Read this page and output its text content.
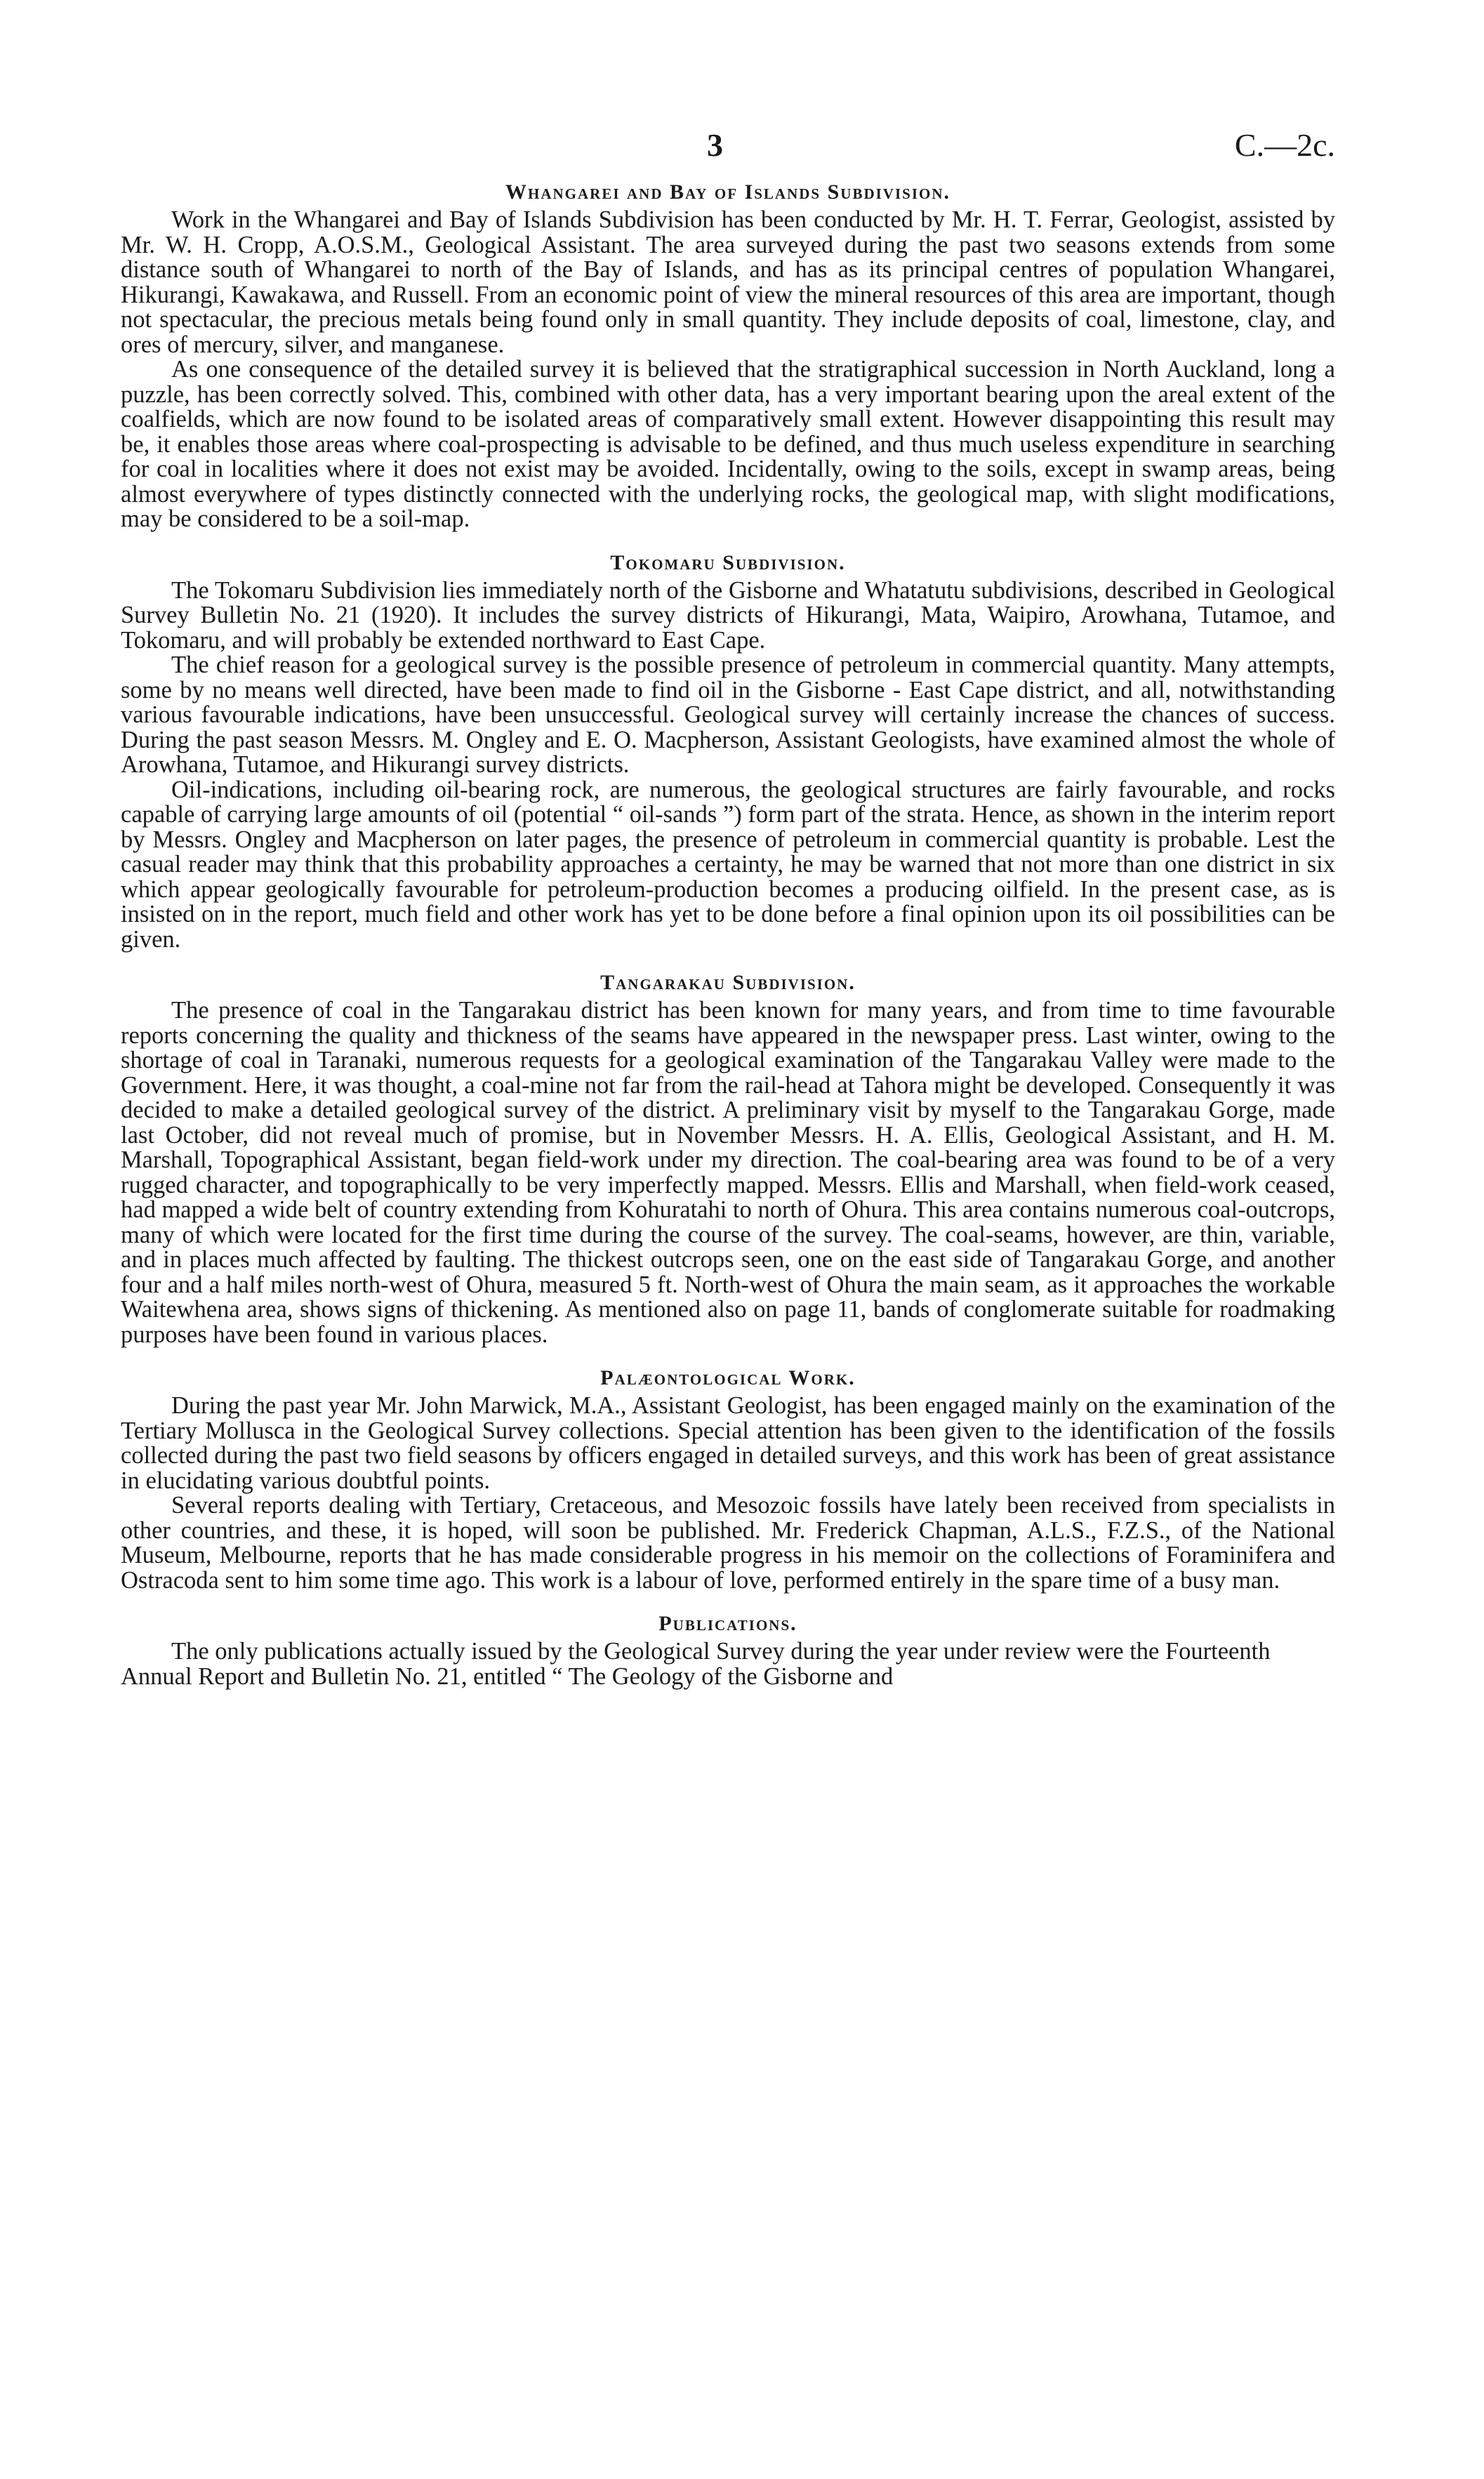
3	C.—2c.
Whangarei and Bay of Islands Subdivision.

Work in the Whangarei and Bay of Islands Subdivision has been conducted by Mr. H. T. Ferrar, Geologist, assisted by Mr. W. H. Cropp, A.O.S.M., Geological Assistant. The area surveyed during the past two seasons extends from some distance south of Whangarei to north of the Bay of Islands, and has as its principal centres of population Whangarei, Hikurangi, Kawakawa, and Russell. From an economic point of view the mineral resources of this area are important, though not spectacular, the precious metals being found only in small quantity. They include deposits of coal, limestone, clay, and ores of mercury, silver, and manganese.

As one consequence of the detailed survey it is believed that the stratigraphical succession in North Auckland, long a puzzle, has been correctly solved. This, combined with other data, has a very important bearing upon the areal extent of the coalfields, which are now found to be isolated areas of comparatively small extent. However disappointing this result may be, it enables those areas where coal-prospecting is advisable to be defined, and thus much useless expenditure in searching for coal in localities where it does not exist may be avoided. Incidentally, owing to the soils, except in swamp areas, being almost everywhere of types distinctly connected with the underlying rocks, the geological map, with slight modifications, may be considered to be a soil-map.

Tokomaru Subdivision.

The Tokomaru Subdivision lies immediately north of the Gisborne and Whatatutu subdivisions, described in Geological Survey Bulletin No. 21 (1920). It includes the survey districts of Hikurangi, Mata, Waipiro, Arowhana, Tutamoe, and Tokomaru, and will probably be extended northward to East Cape.

The chief reason for a geological survey is the possible presence of petroleum in commercial quantity. Many attempts, some by no means well directed, have been made to find oil in the Gisborne - East Cape district, and all, notwithstanding various favourable indications, have been unsuccessful. Geological survey will certainly increase the chances of success. During the past season Messrs. M. Ongley and E. O. Macpherson, Assistant Geologists, have examined almost the whole of Arowhana, Tutamoe, and Hikurangi survey districts.

Oil-indications, including oil-bearing rock, are numerous, the geological structures are fairly favourable, and rocks capable of carrying large amounts of oil (potential “ oil-sands ”) form part of the strata. Hence, as shown in the interim report by Messrs. Ongley and Macpherson on later pages, the presence of petroleum in commercial quantity is probable. Lest the casual reader may think that this probability approaches a certainty, he may be warned that not more than one district in six which appear geologically favourable for petroleum-production becomes a producing oilfield. In the present case, as is insisted on in the report, much field and other work has yet to be done before a final opinion upon its oil possibilities can be given.

Tangarakau Subdivision.

The presence of coal in the Tangarakau district has been known for many years, and from time to time favourable reports concerning the quality and thickness of the seams have appeared in the newspaper press. Last winter, owing to the shortage of coal in Taranaki, numerous requests for a geological examination of the Tangarakau Valley were made to the Government. Here, it was thought, a coal-mine not far from the rail-head at Tahora might be developed. Consequently it was decided to make a detailed geological survey of the district. A preliminary visit by myself to the Tangarakau Gorge, made last October, did not reveal much of promise, but in November Messrs. H. A. Ellis, Geological Assistant, and H. M. Marshall, Topographical Assistant, began field-work under my direction. The coal-bearing area was found to be of a very rugged character, and topographically to be very imperfectly mapped. Messrs. Ellis and Marshall, when field-work ceased, had mapped a wide belt of country extending from Kohuratahi to north of Ohura. This area contains numerous coal-outcrops, many of which were located for the first time during the course of the survey. The coal-seams, however, are thin, variable, and in places much affected by faulting. The thickest outcrops seen, one on the east side of Tangarakau Gorge, and another four and a half miles north-west of Ohura, measured 5 ft. North-west of Ohura the main seam, as it approaches the workable Waitewhena area, shows signs of thickening. As mentioned also on page 11, bands of conglomerate suitable for roadmaking purposes have been found in various places.

Palæontological Work.

During the past year Mr. John Marwick, M.A., Assistant Geologist, has been engaged mainly on the examination of the Tertiary Mollusca in the Geological Survey collections. Special attention has been given to the identification of the fossils collected during the past two field seasons by officers engaged in detailed surveys, and this work has been of great assistance in elucidating various doubtful points.

Several reports dealing with Tertiary, Cretaceous, and Mesozoic fossils have lately been received from specialists in other countries, and these, it is hoped, will soon be published. Mr. Frederick Chapman, A.L.S., F.Z.S., of the National Museum, Melbourne, reports that he has made considerable progress in his memoir on the collections of Foraminifera and Ostracoda sent to him some time ago. This work is a labour of love, performed entirely in the spare time of a busy man.

Publications.

The only publications actually issued by the Geological Survey during the year under review were the Fourteenth Annual Report and Bulletin No. 21, entitled “ The Geology of the Gisborne and
